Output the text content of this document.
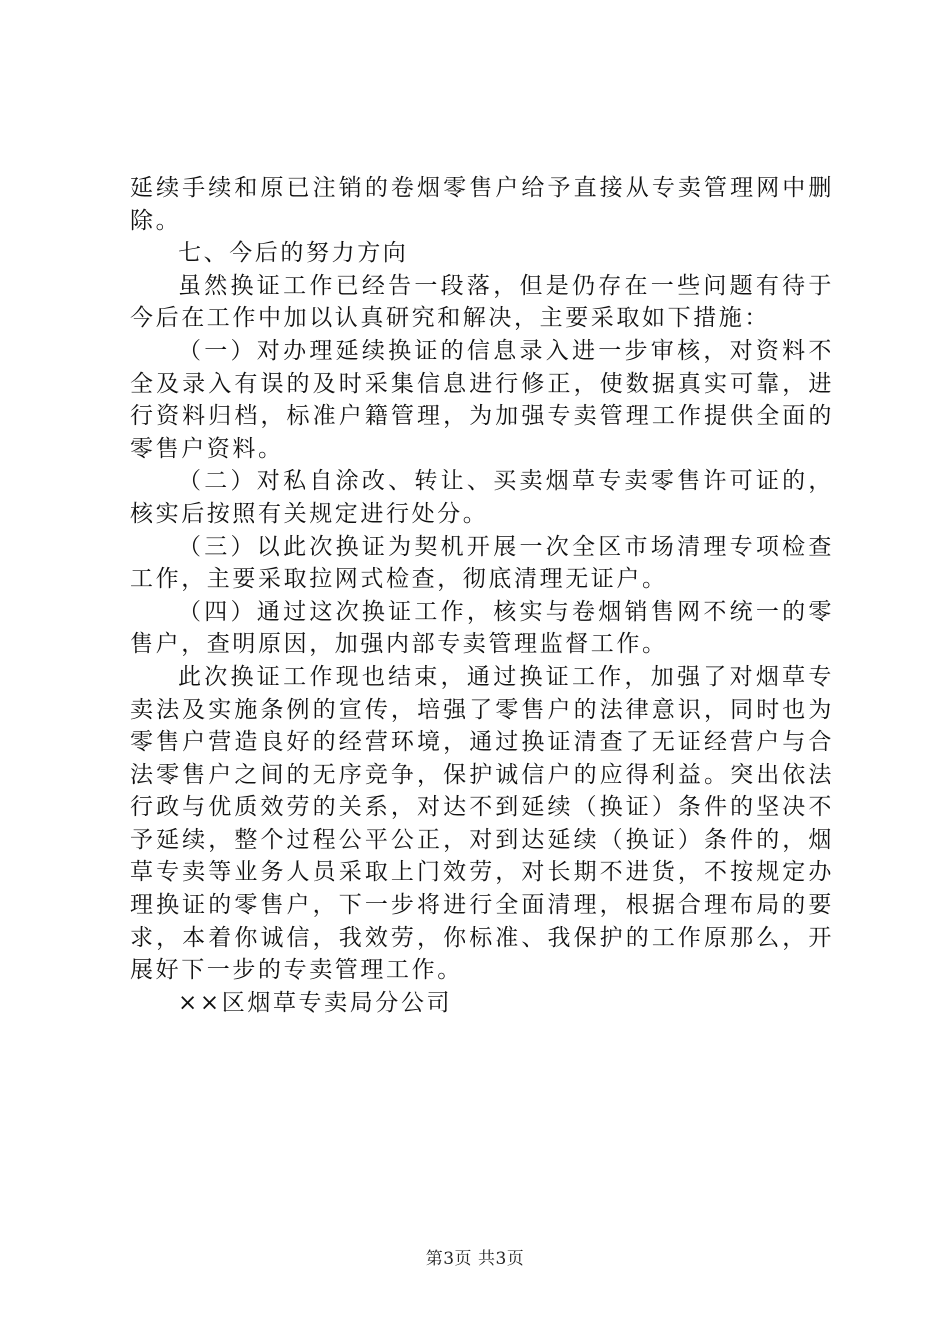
延续手续和原已注销的卷烟零售户给予直接从专卖管理网中删除。

七、今后的努力方向

虽然换证工作已经告一段落，但是仍存在一些问题有待于今后在工作中加以认真研究和解决，主要采取如下措施：

（一）对办理延续换证的信息录入进一步审核，对资料不全及录入有误的及时采集信息进行修正，使数据真实可靠，进行资料归档，标准户籍管理，为加强专卖管理工作提供全面的零售户资料。

（二）对私自涂改、转让、买卖烟草专卖零售许可证的，核实后按照有关规定进行处分。

（三）以此次换证为契机开展一次全区市场清理专项检查工作，主要采取拉网式检查，彻底清理无证户。

（四）通过这次换证工作，核实与卷烟销售网不统一的零售户，查明原因，加强内部专卖管理监督工作。

此次换证工作现也结束，通过换证工作，加强了对烟草专卖法及实施条例的宣传，培强了零售户的法律意识，同时也为零售户营造良好的经营环境，通过换证清查了无证经营户与合法零售户之间的无序竞争，保护诚信户的应得利益。突出依法行政与优质效劳的关系，对达不到延续（换证）条件的坚决不予延续，整个过程公平公正，对到达延续（换证）条件的，烟草专卖等业务人员采取上门效劳，对长期不进货，不按规定办理换证的零售户，下一步将进行全面清理，根据合理布局的要求，本着你诚信，我效劳，你标准、我保护的工作原那么，开展好下一步的专卖管理工作。

××区烟草专卖局分公司

第3页 共3页
